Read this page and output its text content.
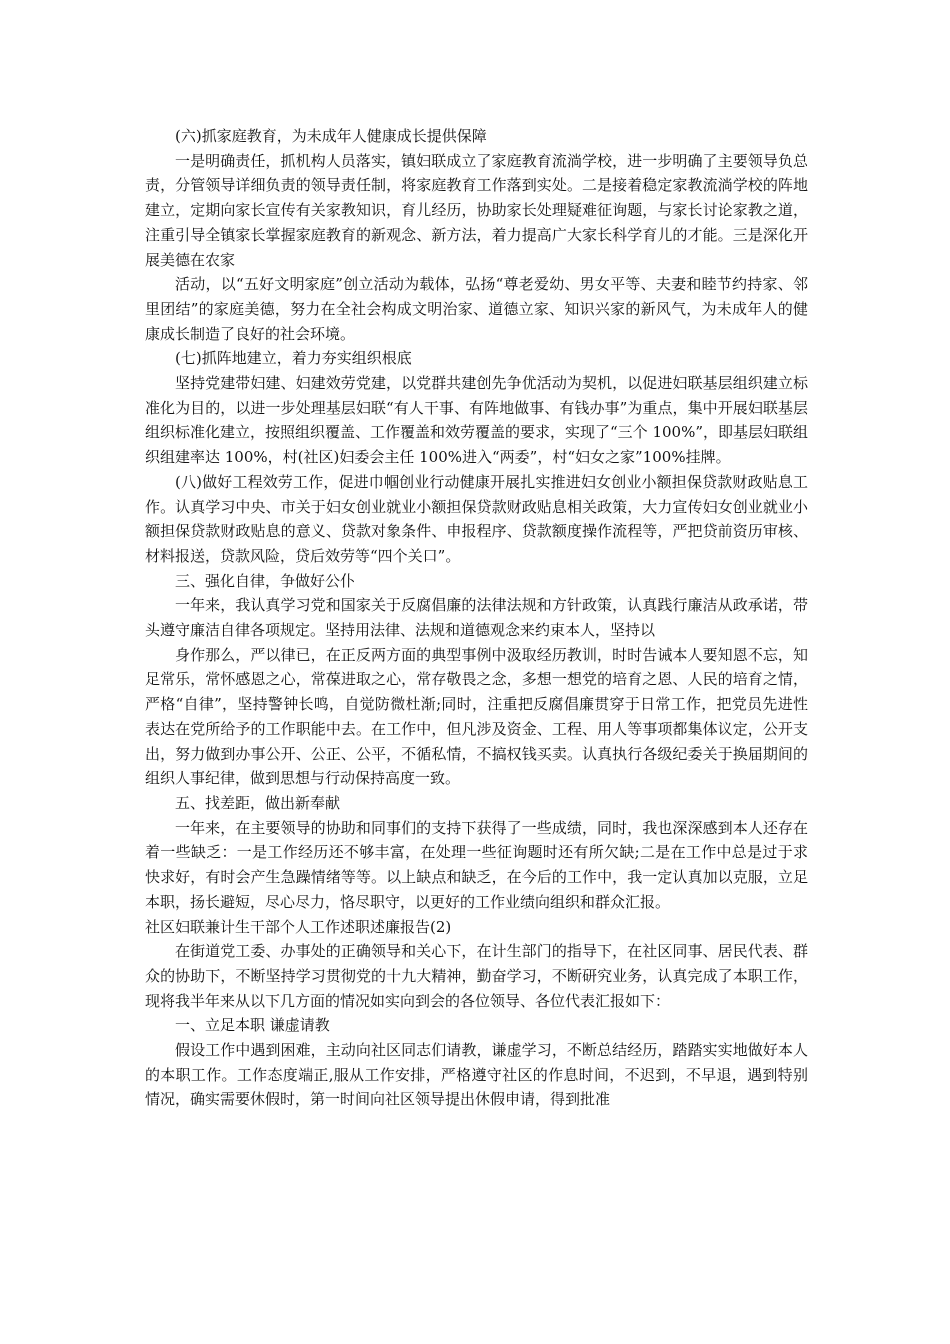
(六)抓家庭教育，为未成年人健康成长提供保障

一是明确责任，抓机构人员落实，镇妇联成立了家庭教育流淌学校，进一步明确了主要领导负总责，分管领导详细负责的领导责任制，将家庭教育工作落到实处。二是接着稳定家教流淌学校的阵地建立，定期向家长宣传有关家教知识，育儿经历，协助家长处理疑难征询题，与家长讨论家教之道，注重引导全镇家长掌握家庭教育的新观念、新方法，着力提高广大家长科学育儿的才能。三是深化开展美德在农家

活动，以“五好文明家庭”创立活动为载体，弘扬“尊老爱幼、男女平等、夫妻和睦节约持家、邻里团结”的家庭美德，努力在全社会构成文明治家、道德立家、知识兴家的新风气，为未成年人的健康成长制造了良好的社会环境。

(七)抓阵地建立，着力夯实组织根底

坚持党建带妇建、妇建效劳党建，以党群共建创先争优活动为契机，以促进妇联基层组织建立标准化为目的，以进一步处理基层妇联“有人干事、有阵地做事、有钱办事”为重点，集中开展妇联基层组织标准化建立，按照组织覆盖、工作覆盖和效劳覆盖的要求，实现了“三个 100%”，即基层妇联组织组建率达 100%，村(社区)妇委会主任 100%进入“两委”，村“妇女之家”100%挂牌。

(八)做好工程效劳工作，促进巾帼创业行动健康开展扎实推进妇女创业小额担保贷款财政贴息工作。认真学习中央、市关于妇女创业就业小额担保贷款财政贴息相关政策，大力宣传妇女创业就业小额担保贷款财政贴息的意义、贷款对象条件、申报程序、贷款额度操作流程等，严把贷前资历审核、材料报送，贷款风险，贷后效劳等“四个关口”。

三、强化自律，争做好公仆

一年来，我认真学习党和国家关于反腐倡廉的法律法规和方针政策，认真践行廉洁从政承诺，带头遵守廉洁自律各项规定。坚持用法律、法规和道德观念来约束本人，坚持以

身作那么，严以律已，在正反两方面的典型事例中汲取经历教训，时时告诫本人要知恩不忘，知足常乐，常怀感恩之心，常葆进取之心，常存敬畏之念，多想一想党的培育之恩、人民的培育之情，严格“自律”，坚持警钟长鸣，自觉防微杜渐;同时，注重把反腐倡廉贯穿于日常工作，把党员先进性表达在党所给予的工作职能中去。在工作中，但凡涉及资金、工程、用人等事项都集体议定，公开支出，努力做到办事公开、公正、公平，不循私情，不搞权钱买卖。认真执行各级纪委关于换届期间的组织人事纪律，做到思想与行动保持高度一致。

五、找差距，做出新奉献

一年来，在主要领导的协助和同事们的支持下获得了一些成绩，同时，我也深深感到本人还存在着一些缺乏：一是工作经历还不够丰富，在处理一些征询题时还有所欠缺;二是在工作中总是过于求快求好，有时会产生急躁情绪等等。以上缺点和缺乏，在今后的工作中，我一定认真加以克服，立足本职，扬长避短，尽心尽力，恪尽职守，以更好的工作业绩向组织和群众汇报。

社区妇联兼计生干部个人工作述职述廉报告(2)

在街道党工委、办事处的正确领导和关心下，在计生部门的指导下，在社区同事、居民代表、群众的协助下，不断坚持学习贯彻党的十九大精神，勤奋学习，不断研究业务，认真完成了本职工作，现将我半年来从以下几方面的情况如实向到会的各位领导、各位代表汇报如下：

一、立足本职 谦虚请教

假设工作中遇到困难，主动向社区同志们请教，谦虚学习，不断总结经历，踏踏实实地做好本人的本职工作。工作态度端正,服从工作安排，严格遵守社区的作息时间，不迟到，不早退，遇到特别情况，确实需要休假时，第一时间向社区领导提出休假申请，得到批准
